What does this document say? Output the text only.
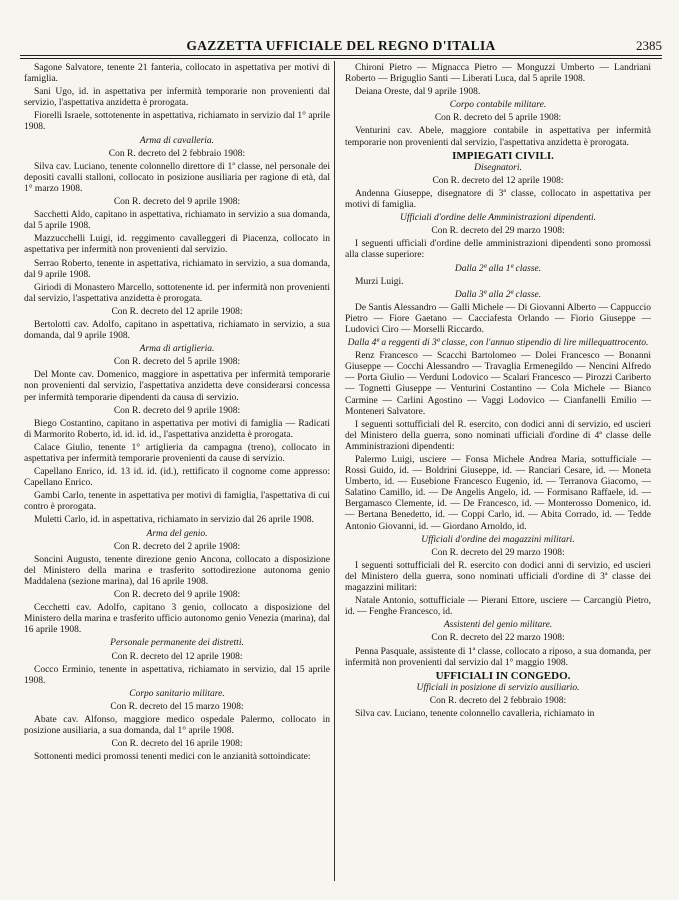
GAZZETTA UFFICIALE DEL REGNO D'ITALIA	2385

Sagone Salvatore, tenente 21 fanteria, collocato in aspettativa per motivi di famiglia.

Sani Ugo, id. in aspettativa per infermità temporarie non provenienti dal servizio, l'aspettativa anzidetta è prorogata.

Fiorelli Israele, sottotenente in aspettativa, richiamato in servizio dal 1° aprile 1908.

Arma di cavalleria.

Con R. decreto del 2 febbraio 1908:

Silva cav. Luciano, tenente colonnello direttore di 1ª classe, nel personale dei depositi cavalli stalloni, collocato in posizione ausiliaria per ragione di età, dal 1° marzo 1908.

Con R. decreto del 9 aprile 1908:

Sacchetti Aldo, capitano in aspettativa, richiamato in servizio a sua domanda, dal 5 aprile 1908.

Mazzucchelli Luigi, id. reggimento cavalleggeri di Piacenza, collocato in aspettativa per infermità non provenienti dal servizio.

Serrao Roberto, tenente in aspettativa, richiamato in servizio, a sua domanda, dal 9 aprile 1908.

Giriodi di Monastero Marcello, sottotenente id. per infermità non provenienti dal servizio, l'aspettativa anzidetta è prorogata.

Con R. decreto del 12 aprile 1908:

Bertolotti cav. Adolfo, capitano in aspettativa, richiamato in servizio, a sua domanda, dal 9 aprile 1908.

Arma di artiglieria.

Con R. decreto del 5 aprile 1908:

Del Monte cav. Domenico, maggiore in aspettativa per infermità temporarie non provenienti dal servizio, l'aspettativa anzidetta deve considerarsi concessa per infermità temporarie dipendenti da causa di servizio.

Con R. decreto del 9 aprile 1908:

Biego Costantino, capitano in aspettativa per motivi di famiglia — Radicati di Marmorito Roberto, id. id. id. id., l'aspettativa anzidetta è prorogata.

Calace Giulio, tenente 1° artiglieria da campagna (treno), collocato in aspettativa per infermità temporarie provenienti da cause di servizio.

Capellano Enrico, id. 13 id. id. (id.), rettificato il cognome come appresso: Capellano Enrico.

Gambi Carlo, tenente in aspettativa per motivi di famiglia, l'aspettativa di cui contro è prorogata.

Muletti Carlo, id. in aspettativa, richiamato in servizio dal 26 aprile 1908.

Arma del genio.

Con R. decreto del 2 aprile 1908:

Soncini Augusto, tenente direzione genio Ancona, collocato a disposizione del Ministero della marina e trasferito sottodirezione autonoma genio Maddalena (sezione marina), dal 16 aprile 1908.

Con R. decreto del 9 aprile 1908:

Cecchetti cav. Adolfo, capitano 3 genio, collocato a disposizione del Ministero della marina e trasferito ufficio autonomo genio Venezia (marina), dal 16 aprile 1908.

Personale permanente dei distretti.

Con R. decreto del 12 aprile 1908:

Cocco Erminio, tenente in aspettativa, richiamato in servizio, dal 15 aprile 1908.

Corpo sanitario militare.

Con R. decreto del 15 marzo 1908:

Abate cav. Alfonso, maggiore medico ospedale Palermo, collocato in posizione ausiliaria, a sua domanda, dal 1° aprile 1908.

Con R. decreto del 16 aprile 1908:

Sottonenti medici promossi tenenti medici con le anzianità sottoindicate:

Chironi Pietro — Mignacca Pietro — Monguzzi Umberto — Landriani Roberto — Briguglio Santi — Liberati Luca, dal 5 aprile 1908.

Deiana Oreste, dal 9 aprile 1908.

Corpo contabile militare.

Con R. decreto del 5 aprile 1908:

Venturini cav. Abele, maggiore contabile in aspettativa per infermità temporarie non provenienti dal servizio, l'aspettativa anzidetta è prorogata.

IMPIEGATI CIVILI.

Disegnatori.

Con R. decreto del 12 aprile 1908:

Andenna Giuseppe, disegnatore di 3ª classe, collocato in aspettativa per motivi di famiglia.

Ufficiali d'ordine delle Amministrazioni dipendenti.

Con R. decreto del 29 marzo 1908:

I seguenti ufficiali d'ordine delle amministrazioni dipendenti sono promossi alla classe superiore:

Dalla 2ª alla 1ª classe.

Murzi Luigi.

Dalla 3ª alla 2ª classe.

De Santis Alessandro — Galli Michele — Di Giovanni Alberto — Cappuccio Pietro — Fiore Gaetano — Cacciafesta Orlando — Fiorio Giuseppe — Ludovici Ciro — Morselli Riccardo.

Dalla 4ª a reggenti di 3ª classe, con l'annuo stipendio di lire millequattrocento.

Renz Francesco — Scacchi Bartolomeo — Dolei Francesco — Bonanni Giuseppe — Cocchi Alessandro — Travaglia Ermenegildo — Nencini Alfredo — Porta Giulio — Verduni Lodovico — Scalari Francesco — Pirozzi Cariberto — Tognetti Giuseppe — Venturini Costantino — Cola Michele — Bianco Carmine — Carlini Agostino — Vaggi Lodovico — Cianfanelli Emilio — Monteneri Salvatore.

I seguenti sottufficiali del R. esercito, con dodici anni di servizio, ed uscieri del Ministero della guerra, sono nominati ufficiali d'ordine di 4ª classe delle Amministrazioni dipendenti:

Palermo Luigi, usciere — Fonsa Michele Andrea Maria, sottufficiale — Rossi Guido, id. — Boldrini Giuseppe, id. — Ranciari Cesare, id. — Moneta Umberto, id. — Eusebione Francesco Eugenio, id. — Terranova Giacomo, — Salatino Camillo, id. — De Angelis Angelo, id. — Formisano Raffaele, id. — Bergamasco Clemente, id. — De Francesco, id. — Monterosso Domenico, id. — Bertana Benedetto, id. — Coppi Carlo, id. — Abita Corrado, id. — Tedde Antonio Giovanni, id. — Giordano Arnoldo, id.

Ufficiali d'ordine dei magazzini militari.

Con R. decreto del 29 marzo 1908:

I seguenti sottufficiali del R. esercito con dodici anni di servizio, ed uscieri del Ministero della guerra, sono nominati ufficiali d'ordine di 3ª classe dei magazzini militari:

Natale Antonio, sottufficiale — Pierani Ettore, usciere — Carcangiù Pietro, id. — Fenghe Francesco, id.

Assistenti del genio militare.

Con R. decreto del 22 marzo 1908:

Penna Pasquale, assistente di 1ª classe, collocato a riposo, a sua domanda, per infermità non provenienti dal servizio dal 1° maggio 1908.

UFFICIALI IN CONGEDO.

Ufficiali in posizione di servizio ausiliario.

Con R. decreto del 2 febbraio 1908:

Silva cav. Luciano, tenente colonnello cavalleria, richiamato in
